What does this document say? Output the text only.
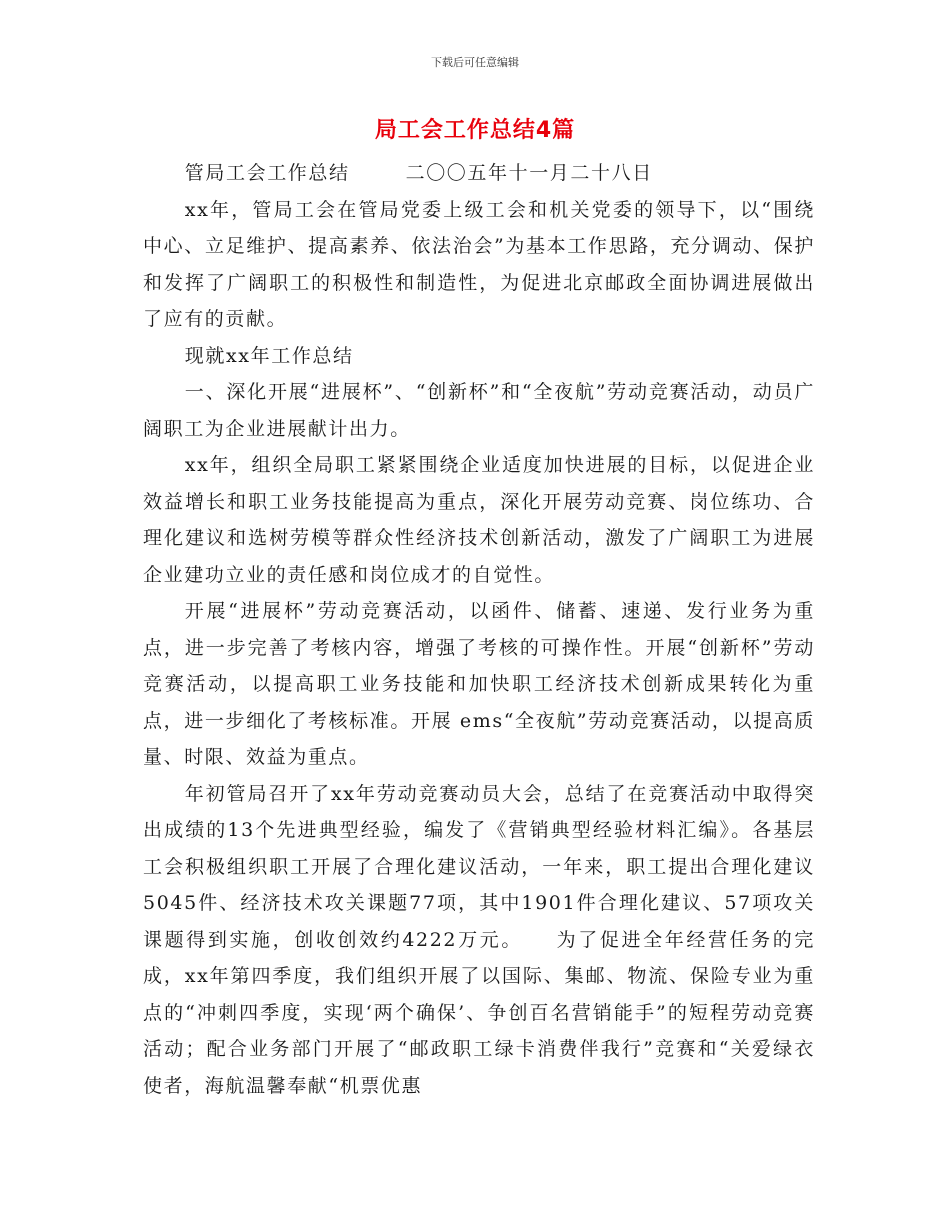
下载后可任意编辑
局工会工作总结4篇

管局工会工作总结	二〇〇五年十一月二十八日

xx年，管局工会在管局党委上级工会和机关党委的领导下，以“围绕中心、立足维护、提高素养、依法治会”为基本工作思路，充分调动、保护和发挥了广阔职工的积极性和制造性，为促进北京邮政全面协调进展做出了应有的贡献。

现就xx年工作总结

一、深化开展“进展杯”、“创新杯”和“全夜航”劳动竞赛活动，动员广阔职工为企业进展献计出力。

xx年，组织全局职工紧紧围绕企业适度加快进展的目标，以促进企业效益增长和职工业务技能提高为重点，深化开展劳动竞赛、岗位练功、合理化建议和选树劳模等群众性经济技术创新活动，激发了广阔职工为进展企业建功立业的责任感和岗位成才的自觉性。

开展“进展杯”劳动竞赛活动，以函件、储蓄、速递、发行业务为重点，进一步完善了考核内容，增强了考核的可操作性。开展“创新杯”劳动竞赛活动，以提高职工业务技能和加快职工经济技术创新成果转化为重点，进一步细化了考核标准。开展 ems“全夜航”劳动竞赛活动，以提高质量、时限、效益为重点。

年初管局召开了xx年劳动竞赛动员大会，总结了在竞赛活动中取得突出成绩的13个先进典型经验，编发了《营销典型经验材料汇编》。各基层工会积极组织职工开展了合理化建议活动，一年来，职工提出合理化建议5045件、经济技术攻关课题77项，其中1901件合理化建议、57项攻关课题得到实施，创收创效约4222万元。　　为了促进全年经营任务的完成，xx年第四季度，我们组织开展了以国际、集邮、物流、保险专业为重点的“冲刺四季度，实现‘两个确保’、争创百名营销能手”的短程劳动竞赛活动；配合业务部门开展了“邮政职工绿卡消费伴我行”竞赛和“关爱绿衣使者，海航温馨奉献“机票优惠
